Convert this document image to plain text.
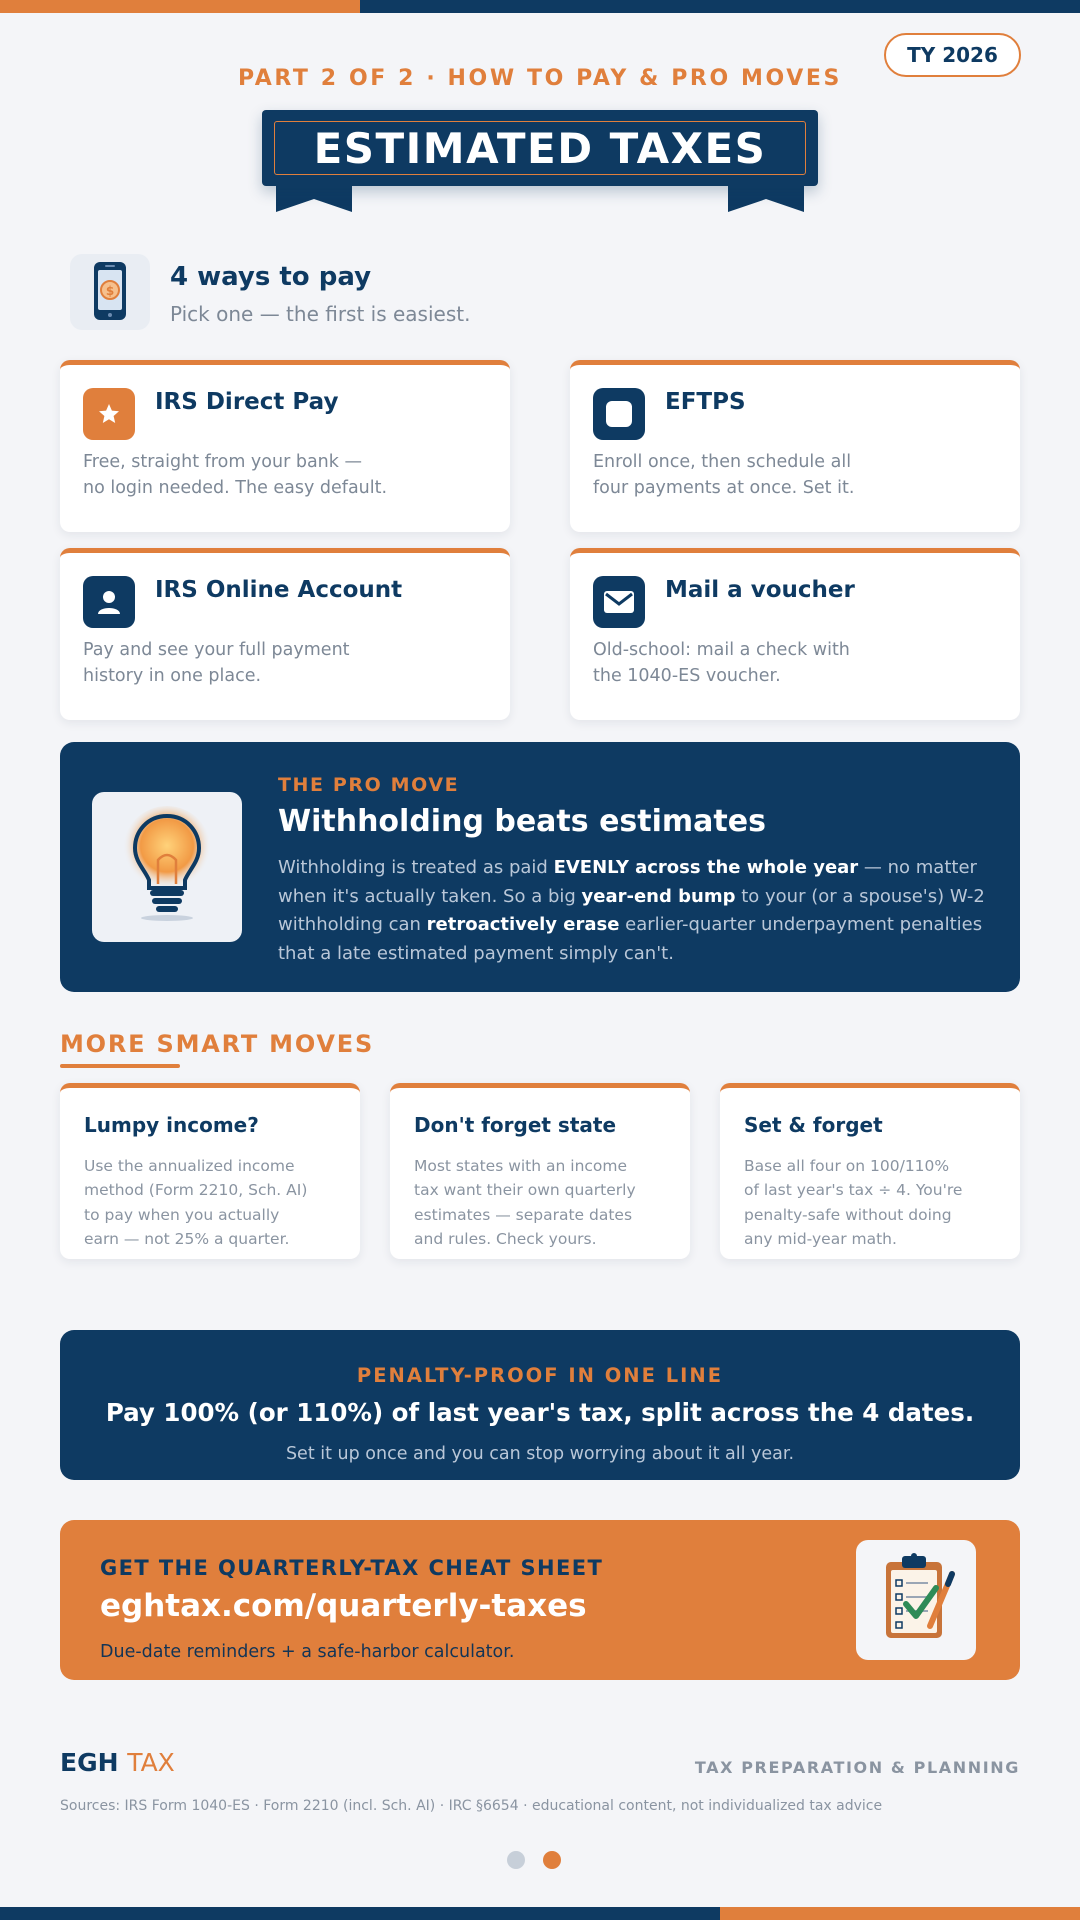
TY 2026
PART 2 OF 2 · HOW TO PAY & PRO MOVES
ESTIMATED TAXES
$ 4 ways to pay
Pick one — the first is easiest.
IRS Direct Pay
Free, straight from your bank —
no login needed. The easy default.
EFTPS
Enroll once, then schedule all
four payments at once. Set it.
IRS Online Account
Pay and see your full payment
history in one place.
Mail a voucher
Old-school: mail a check with
the 1040-ES voucher.
THE PRO MOVE
Withholding beats estimates
Withholding is treated as paid EVENLY across the whole year — no matter when it's actually taken. So a big year-end bump to your (or a spouse's) W-2 withholding can retroactively erase earlier-quarter underpayment penalties that a late estimated payment simply can't.
MORE SMART MOVES
Lumpy income?
Use the annualized income
method (Form 2210, Sch. AI)
to pay when you actually
earn — not 25% a quarter.
Don't forget state
Most states with an income
tax want their own quarterly
estimates — separate dates
and rules. Check yours.
Set & forget
Base all four on 100/110%
of last year's tax ÷ 4. You're
penalty-safe without doing
any mid-year math.
PENALTY-PROOF IN ONE LINE
Pay 100% (or 110%) of last year's tax, split across the 4 dates.
Set it up once and you can stop worrying about it all year.
GET THE QUARTERLY-TAX CHEAT SHEET
eghtax.com/quarterly-taxes
Due-date reminders + a safe-harbor calculator.
EGH TAX	TAX PREPARATION & PLANNING
Sources: IRS Form 1040-ES · Form 2210 (incl. Sch. AI) · IRC §6654 · educational content, not individualized tax advice
